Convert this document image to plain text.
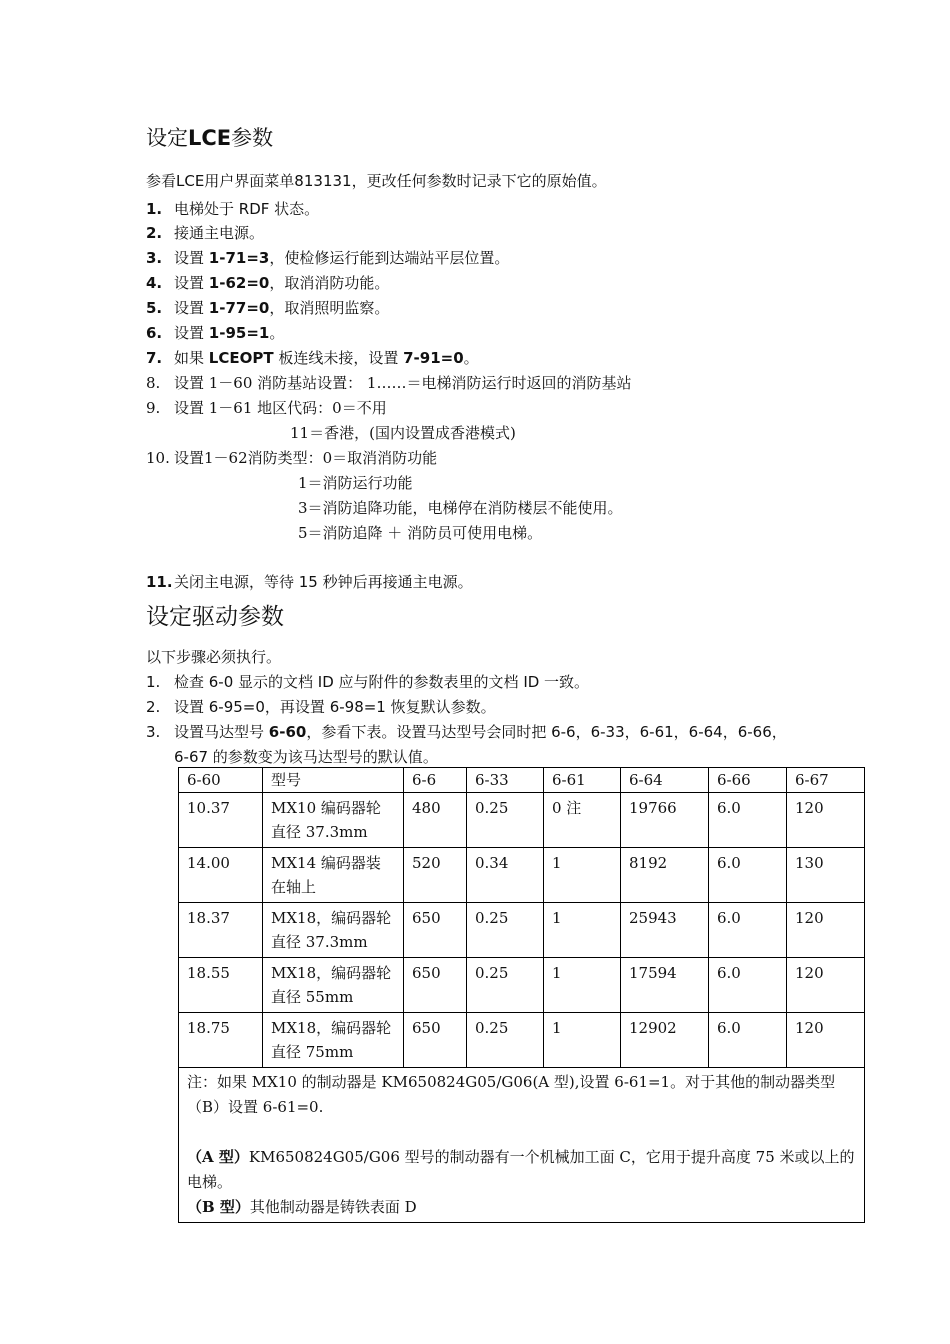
设定LCE参数
参看LCE用户界面菜单813131，更改任何参数时记录下它的原始值。
1. 电梯处于 RDF 状态。
2. 接通主电源。
3. 设置 1-71=3，使检修运行能到达端站平层位置。
4. 设置 1-62=0，取消消防功能。
5. 设置 1-77=0，取消照明监察。
6. 设置 1-95=1。
7. 如果 LCEOPT 板连线未接，设置 7-91=0。
8. 设置 1－60 消防基站设置： 1……＝电梯消防运行时返回的消防基站
9. 设置 1－61 地区代码：0＝不用
11＝香港，(国内设置成香港模式)
10. 设置1－62消防类型：0＝取消消防功能
1＝消防运行功能
3＝消防追降功能，电梯停在消防楼层不能使用。
5＝消防追降 ＋ 消防员可使用电梯。
11. 关闭主电源，等待 15 秒钟后再接通主电源。
设定驱动参数
以下步骤必须执行。
1. 检查 6-0 显示的文档 ID 应与附件的参数表里的文档 ID 一致。
2. 设置 6-95=0，再设置 6-98=1 恢复默认参数。
3. 设置马达型号 6-60，参看下表。设置马达型号会同时把 6-6，6-33，6-61，6-64，6-66，
6-67 的参数变为该马达型号的默认值。
6-60	型号	6-6	6-33	6-61	6-64	6-66	6-67
10.37	MX10 编码器轮直径 37.3mm	480	0.25	0 注	19766	6.0	120
14.00	MX14 编码器装在轴上	520	0.34	1	8192	6.0	130
18.37	MX18，编码器轮直径 37.3mm	650	0.25	1	25943	6.0	120
18.55	MX18，编码器轮直径 55mm	650	0.25	1	17594	6.0	120
18.75	MX18，编码器轮直径 75mm	650	0.25	1	12902	6.0	120

注：如果 MX10 的制动器是 KM650824G05/G06(A 型),设置 6-61=1。对于其他的制动器类型（B）设置 6-61=0.
（A 型）KM650824G05/G06 型号的制动器有一个机械加工面 C，它用于提升高度 75 米或以上的电梯。
（B 型）其他制动器是铸铁表面 D							
